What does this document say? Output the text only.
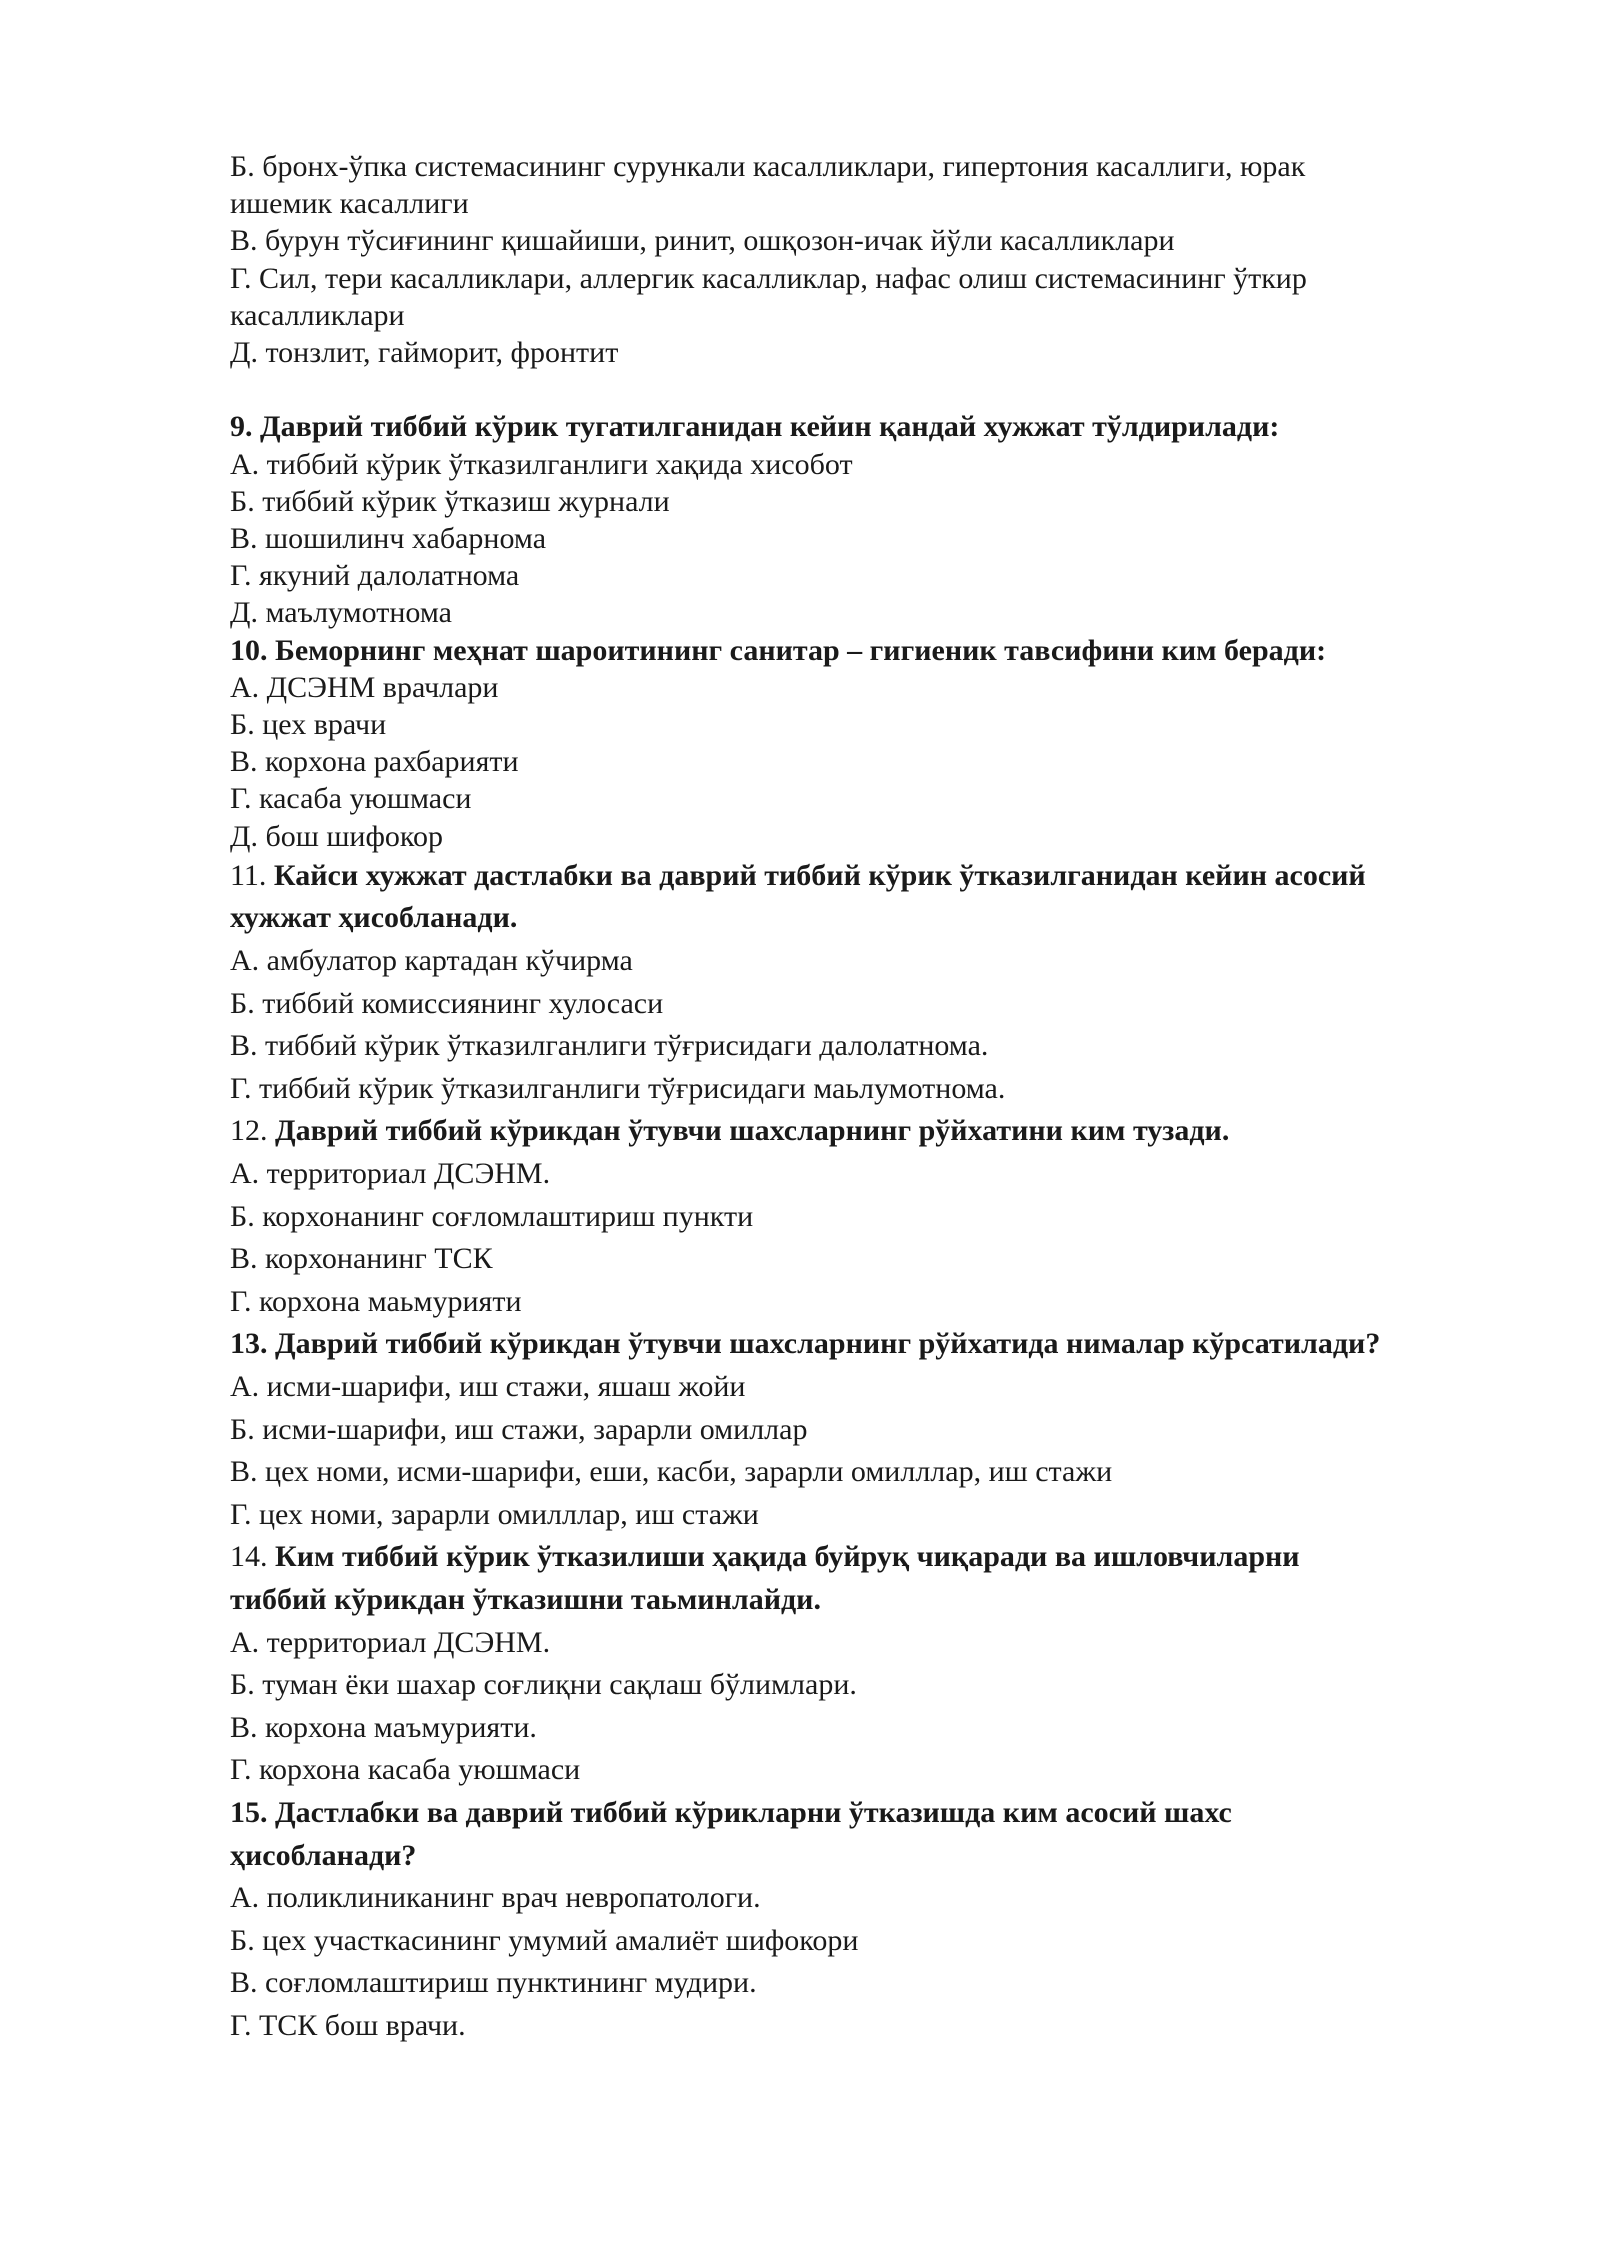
Б. бронх-ўпка системасининг сурункали касалликлари, гипертония касаллиги, юрак
ишемик касаллиги
В. бурун тўсиғининг қишайиши, ринит, ошқозон-ичак йўли касалликлари
Г. Сил, тери касалликлари, аллергик касалликлар, нафас олиш системасининг ўткир
касалликлари
Д. тонзлит, гайморит, фронтит
9. Даврий тиббий кўрик тугатилганидан кейин қандай хужжат тўлдирилади:
А. тиббий кўрик ўтказилганлиги хақида хисобот
Б. тиббий кўрик ўтказиш журнали
В. шошилинч хабарнома
Г. якуний далолатнома
Д. маълумотнома
10. Беморнинг меҳнат шароитининг санитар – гигиеник тавсифини ким беради:
А. ДСЭНМ врачлари
Б. цех врачи
В. корхона рахбарияти
Г. касаба уюшмаси
Д. бош шифокор
11. Кайси хужжат дастлабки ва даврий тиббий кўрик ўтказилганидан кейин асосий
хужжат ҳисобланади.
А. амбулатор картадан кўчирма
Б. тиббий комиссиянинг хулосаси
В. тиббий кўрик ўтказилганлиги тўғрисидаги далолатнома.
Г. тиббий кўрик ўтказилганлиги тўғрисидаги маьлумотнома.
12. Даврий тиббий кўрикдан ўтувчи шахсларнинг рўйхатини ким тузади.
А. территориал ДСЭНМ.
Б. корхонанинг соғломлаштириш пункти
В. корхонанинг ТСК
Г. корхона маьмурияти
13. Даврий тиббий кўрикдан ўтувчи шахсларнинг рўйхатида нималар кўрсатилади?
А. исми-шарифи, иш стажи, яшаш жойи
Б. исми-шарифи, иш стажи, зарарли омиллар
В. цех номи, исми-шарифи, еши, касби, зарарли омилллар, иш стажи
Г. цех номи, зарарли омилллар, иш стажи
14. Ким тиббий кўрик ўтказилиши ҳақида буйруқ чиқаради ва ишловчиларни
тиббий кўрикдан ўтказишни таьминлайди.
А. территориал ДСЭНМ.
Б. туман ёки шахар соғлиқни сақлаш бўлимлари.
В. корхона маъмурияти.
Г. корхона касаба уюшмаси
15. Дастлабки ва даврий тиббий кўрикларни ўтказишда ким асосий шахс
ҳисобланади?
А. поликлиниканинг врач невропатологи.
Б. цех участкасининг умумий амалиёт шифокори
В. соғломлаштириш пунктининг мудири.
Г. ТСК бош врачи.
